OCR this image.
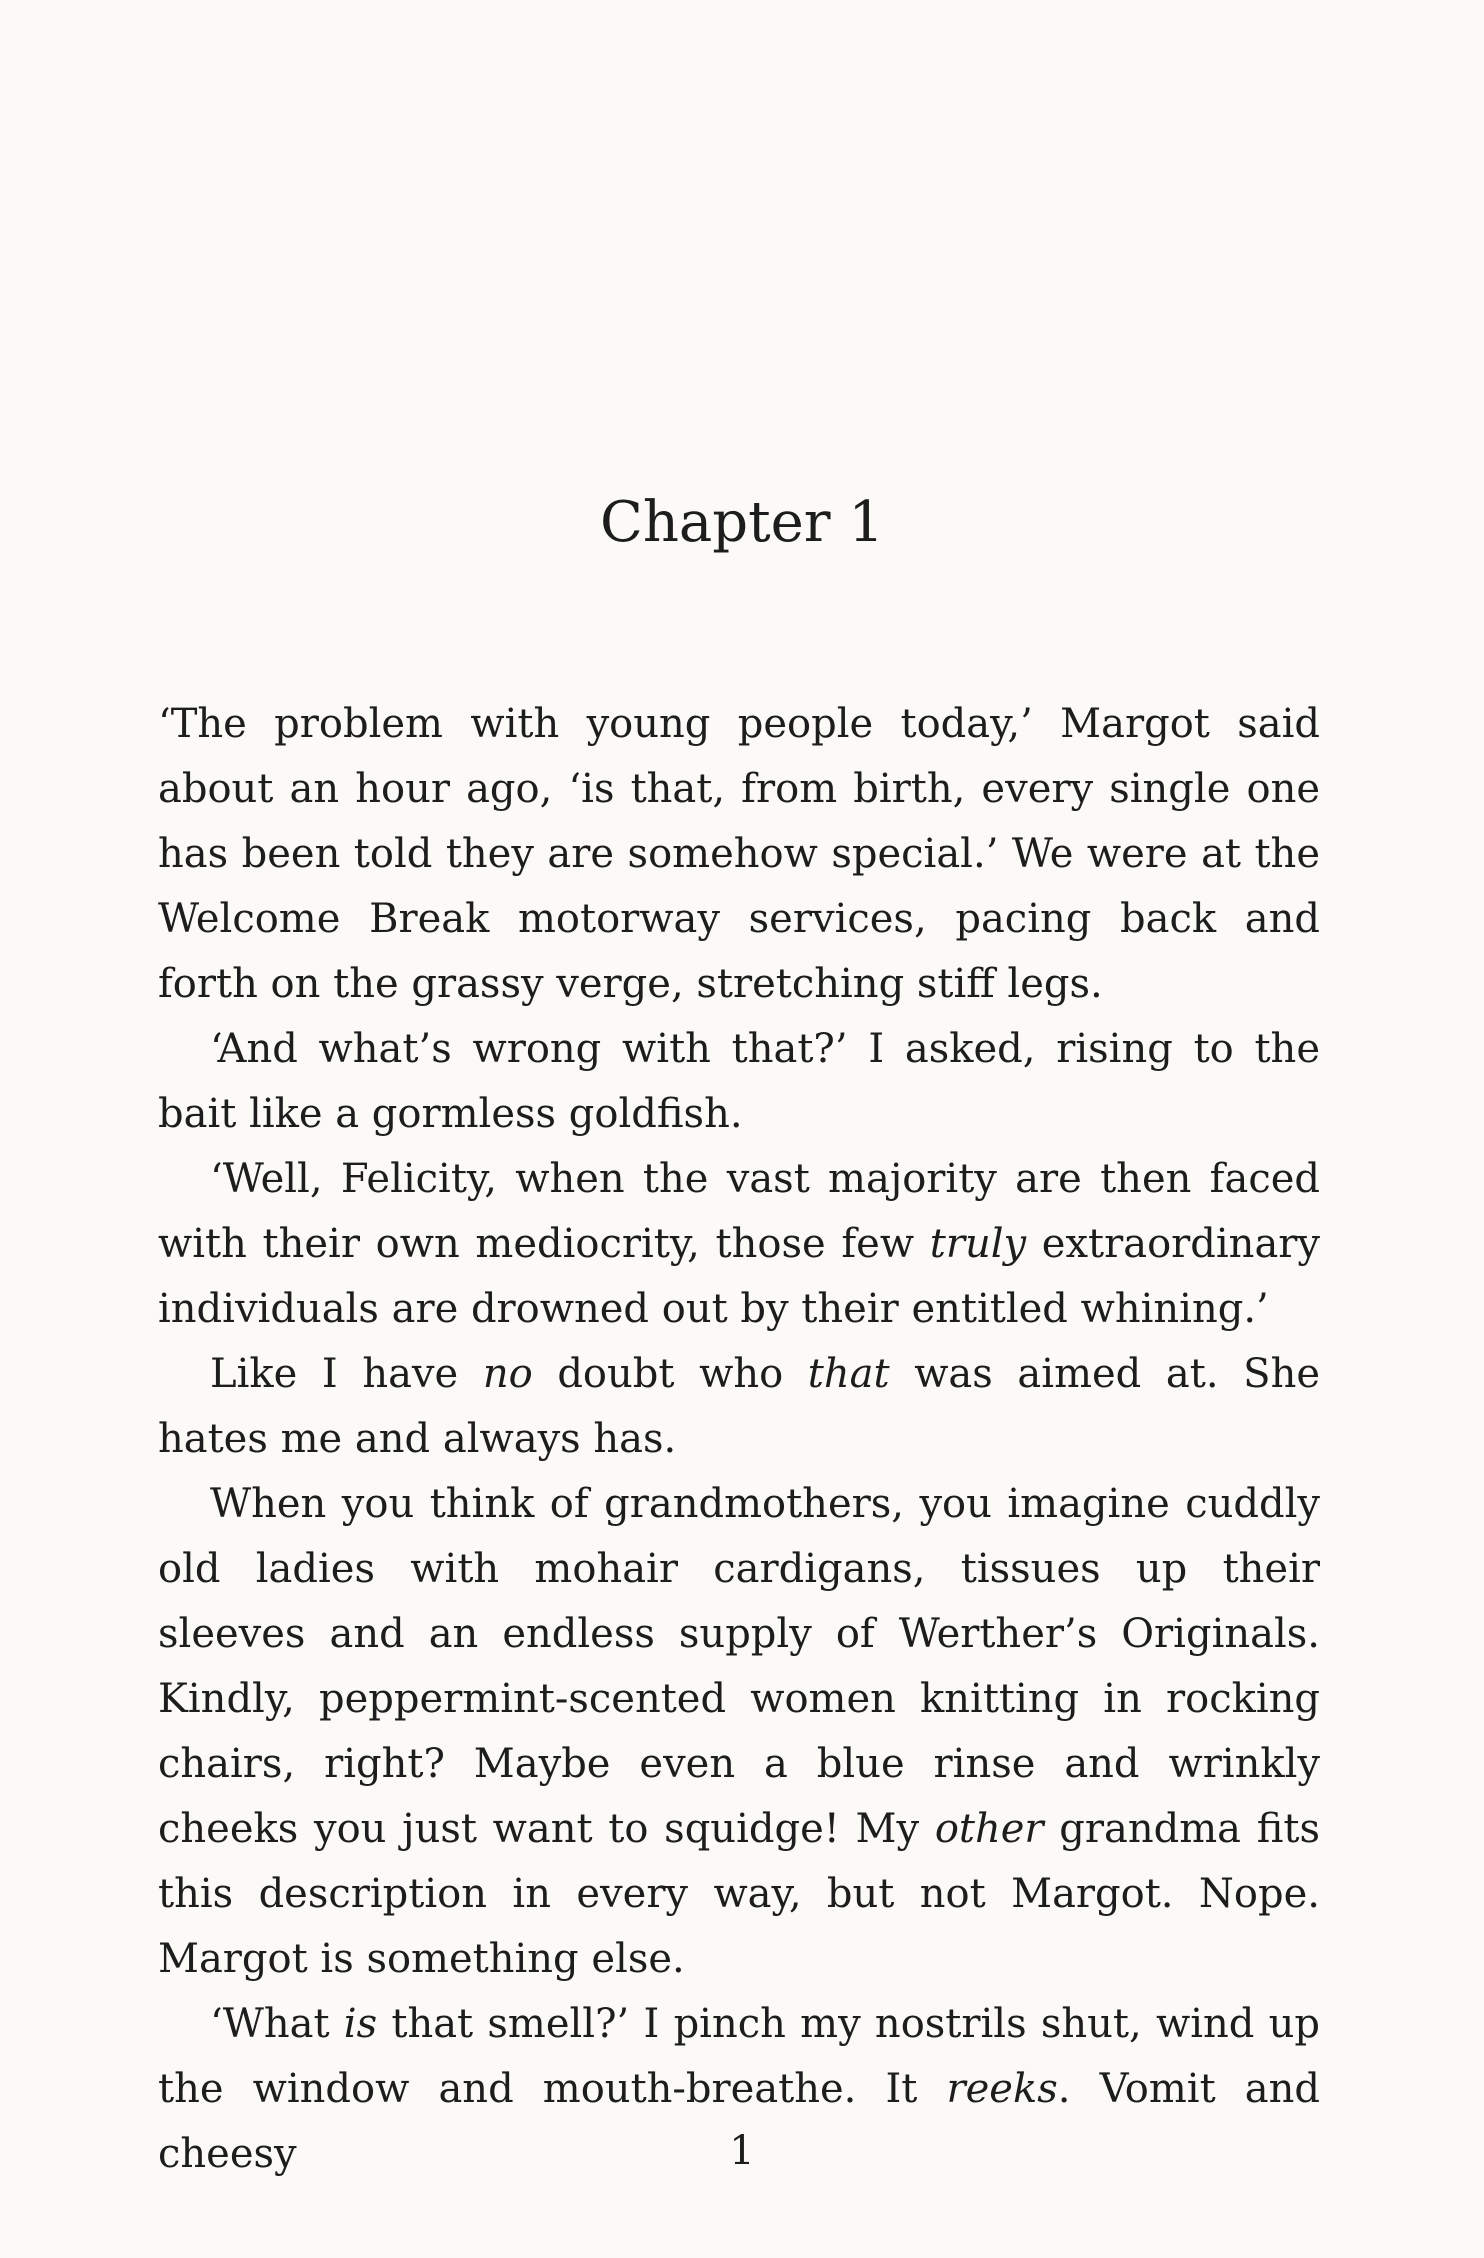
Chapter 1

‘The problem with young people today,’ Margot said about an hour ago, ‘is that, from birth, every single one has been told they are somehow special.’ We were at the Welcome Break motorway services, pacing back and forth on the grassy verge, stretching stiff legs.

‘And what’s wrong with that?’ I asked, rising to the bait like a gormless goldfish.

‘Well, Felicity, when the vast majority are then faced with their own mediocrity, those few truly extraordinary individuals are drowned out by their entitled whining.’

Like I have no doubt who that was aimed at. She hates me and always has.

When you think of grandmothers, you imagine cuddly old ladies with mohair cardigans, tissues up their sleeves and an endless supply of Werther’s Originals. Kindly, peppermint-scented women knitting in rocking chairs, right? Maybe even a blue rinse and wrinkly cheeks you just want to squidge! My other grandma fits this description in every way, but not Margot. Nope. Margot is something else.

‘What is that smell?’ I pinch my nostrils shut, wind up the window and mouth-breathe. It reeks. Vomit and cheesy	1
